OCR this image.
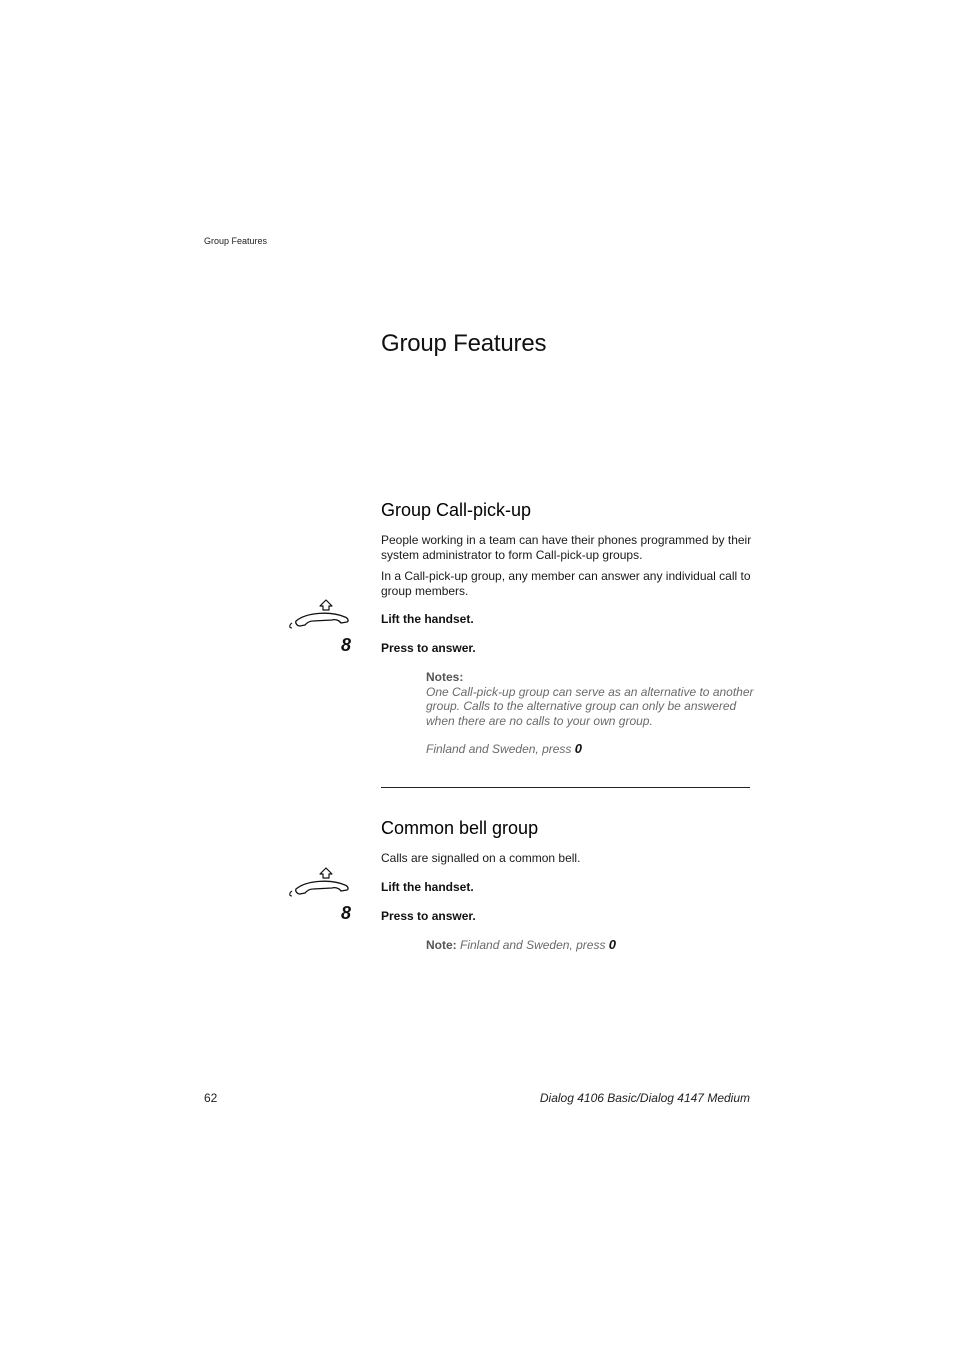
Group Features
Group Features
Group Call-pick-up
People working in a team can have their phones programmed by their system administrator to form Call-pick-up groups.
In a Call-pick-up group, any member can answer any individual call to group members.
Lift the handset.
8	Press to answer.
Notes:
One Call-pick-up group can serve as an alternative to another group. Calls to the alternative group can only be answered when there are no calls to your own group.
Finland and Sweden, press 0
Common bell group
Calls are signalled on a common bell.
Lift the handset.
8	Press to answer.
Note: Finland and Sweden, press 0
62	Dialog 4106 Basic/Dialog 4147 Medium
